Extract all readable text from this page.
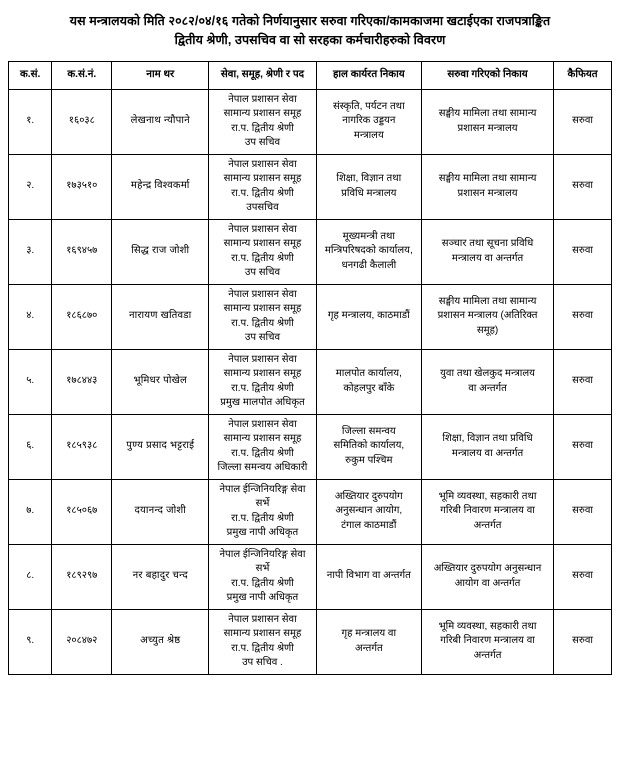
यस मन्त्रालयको मिति २०८२/०४/१६ गतेको निर्णयानुसार सरुवा गरिएका/कामकाजमा खटाईएका राजपत्राङ्कित
द्वितीय श्रेणी, उपसचिव वा सो सरहका कर्मचारीहरुको विवरण
क.सं.	क.सं.नं.	नाम थर	सेवा, समूह, श्रेणी र पद	हाल कार्यरत निकाय	सरुवा गरिएको निकाय	कैफियत
१.	१६०३८	लेखनाथ न्यौपाने	नेपाल प्रशासन सेवा
सामान्य प्रशासन समूह
रा.प. द्वितीय श्रेणी
उप सचिव	संस्कृति, पर्यटन तथा
नागरिक उड्डयन
मन्त्रालय	सङ्घीय मामिला तथा सामान्य
प्रशासन मन्त्रालय	सरुवा
२.	१७३५१०	महेन्द्र विश्वकर्मा	नेपाल प्रशासन सेवा
सामान्य प्रशासन समूह
रा.प. द्वितीय श्रेणी
उपसचिव	शिक्षा, विज्ञान तथा
प्रविधि मन्त्रालय	सङ्घीय मामिला तथा सामान्य
प्रशासन मन्त्रालय	सरुवा
३.	१६९४५७	सिद्ध राज जोशी	नेपाल प्रशासन सेवा
सामान्य प्रशासन समूह
रा.प. द्वितीय श्रेणी
उप सचिव	मूख्यमन्त्री तथा
मन्त्रिपरिषदको कार्यालय,
धनगढी कैलाली	सञ्चार तथा सूचना प्रविधि
मन्त्रालय वा अन्तर्गत	सरुवा
४.	१८६८७०	नारायण खतिवडा	नेपाल प्रशासन सेवा
सामान्य प्रशासन समूह
रा.प. द्वितीय श्रेणी
उप सचिव	गृह मन्त्रालय, काठमाडौं	सङ्घीय मामिला तथा सामान्य
प्रशासन मन्त्रालय (अतिरिक्त
समूह)	सरुवा
५.	१७८४४३	भूमिधर पोखेल	नेपाल प्रशासन सेवा
सामान्य प्रशासन समूह
रा.प. द्वितीय श्रेणी
प्रमुख मालपोत अधिकृत	मालपोत कार्यालय,
कोहलपुर बाँके	युवा तथा खेलकुद मन्त्रालय
वा अन्तर्गत	सरुवा
६.	१८५९३८	पुण्य प्रसाद भट्टराई	नेपाल प्रशासन सेवा
सामान्य प्रशासन समूह
रा.प. द्वितीय श्रेणी
जिल्ला समन्वय अधिकारी	जिल्ला समन्वय
समितिको कार्यालय,
रुकुम पश्चिम	शिक्षा, विज्ञान तथा प्रविधि
मन्त्रालय वा अन्तर्गत	सरुवा
७.	१८५०६७	दयानन्द जोशी	नेपाल ईन्जिनियरिङ्ग सेवा
सर्भे
रा.प. द्वितीय श्रेणी
प्रमुख नापी अधिकृत	अख्तियार दुरुपयोग
अनुसन्धान आयोग,
टंगाल काठमाडौं	भूमि व्यवस्था, सहकारी तथा
गरिबी निवारण मन्त्रालय वा
अन्तर्गत	सरुवा
८.	१८९२९७	नर बहादुर चन्द	नेपाल ईन्जिनियरिङ्ग सेवा
सर्भे
रा.प. द्वितीय श्रेणी
प्रमुख नापी अधिकृत	नापी विभाग वा अन्तर्गत	अख्तियार दुरुपयोग अनुसन्धान
आयोग वा अन्तर्गत	सरुवा
९.	२०८४७२	अच्युत श्रेष्ठ	नेपाल प्रशासन सेवा
सामान्य प्रशासन समूह
रा.प. द्वितीय श्रेणी
उप सचिव .	गृह मन्त्रालय वा
अन्तर्गत	भूमि व्यवस्था, सहकारी तथा
गरिबी निवारण मन्त्रालय वा
अन्तर्गत	सरुवा
